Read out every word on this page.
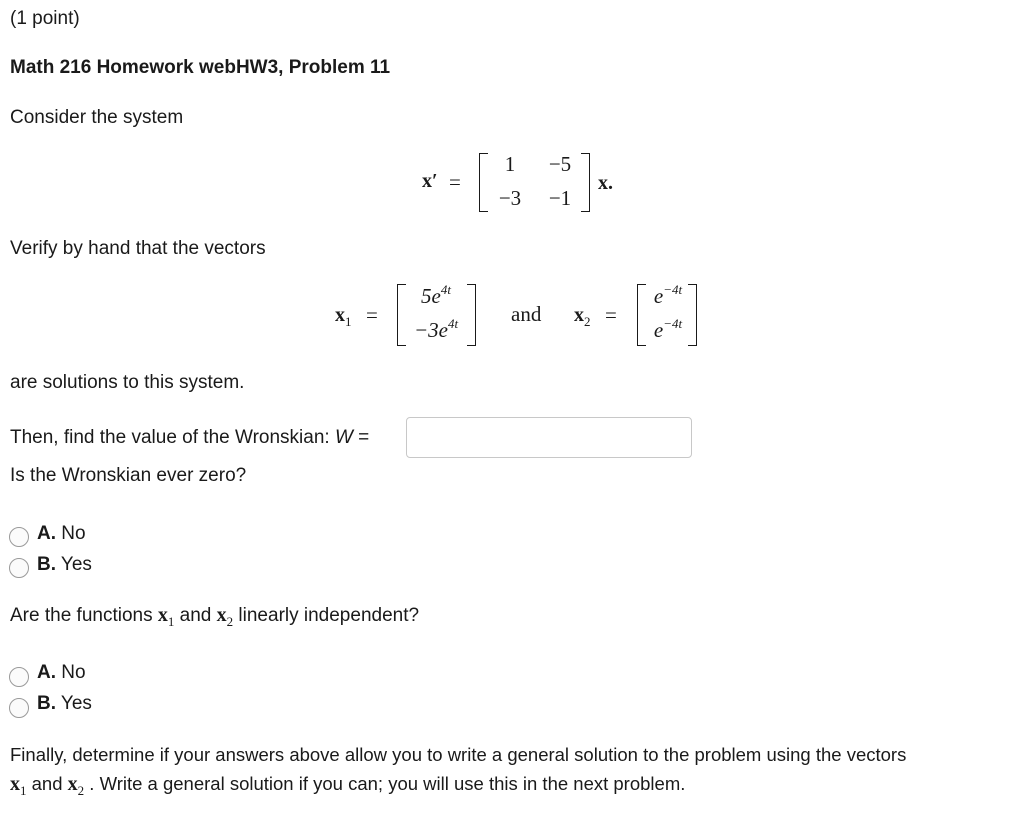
(1 point)
Math 216 Homework webHW3, Problem 11
Consider the system
x′ =
1	−5
−3	−1
x.
Verify by hand that the vectors
$x_1$ =
$5e^{4t}$
$-3e^{4t}$	and $x_2$ =
$e^{-4t}$
$e^{-4t}$
are solutions to this system.
Then, find the value of the Wronskian: W =
Is the Wronskian ever zero?
A. No
B. Yes
Are the functions $x_1$ and $x_2$ linearly independent?
A. No
B. Yes
Finally, determine if your answers above allow you to write a general solution to the problem using the vectors
$x_1$ and $x_2$ . Write a general solution if you can; you will use this in the next problem.
